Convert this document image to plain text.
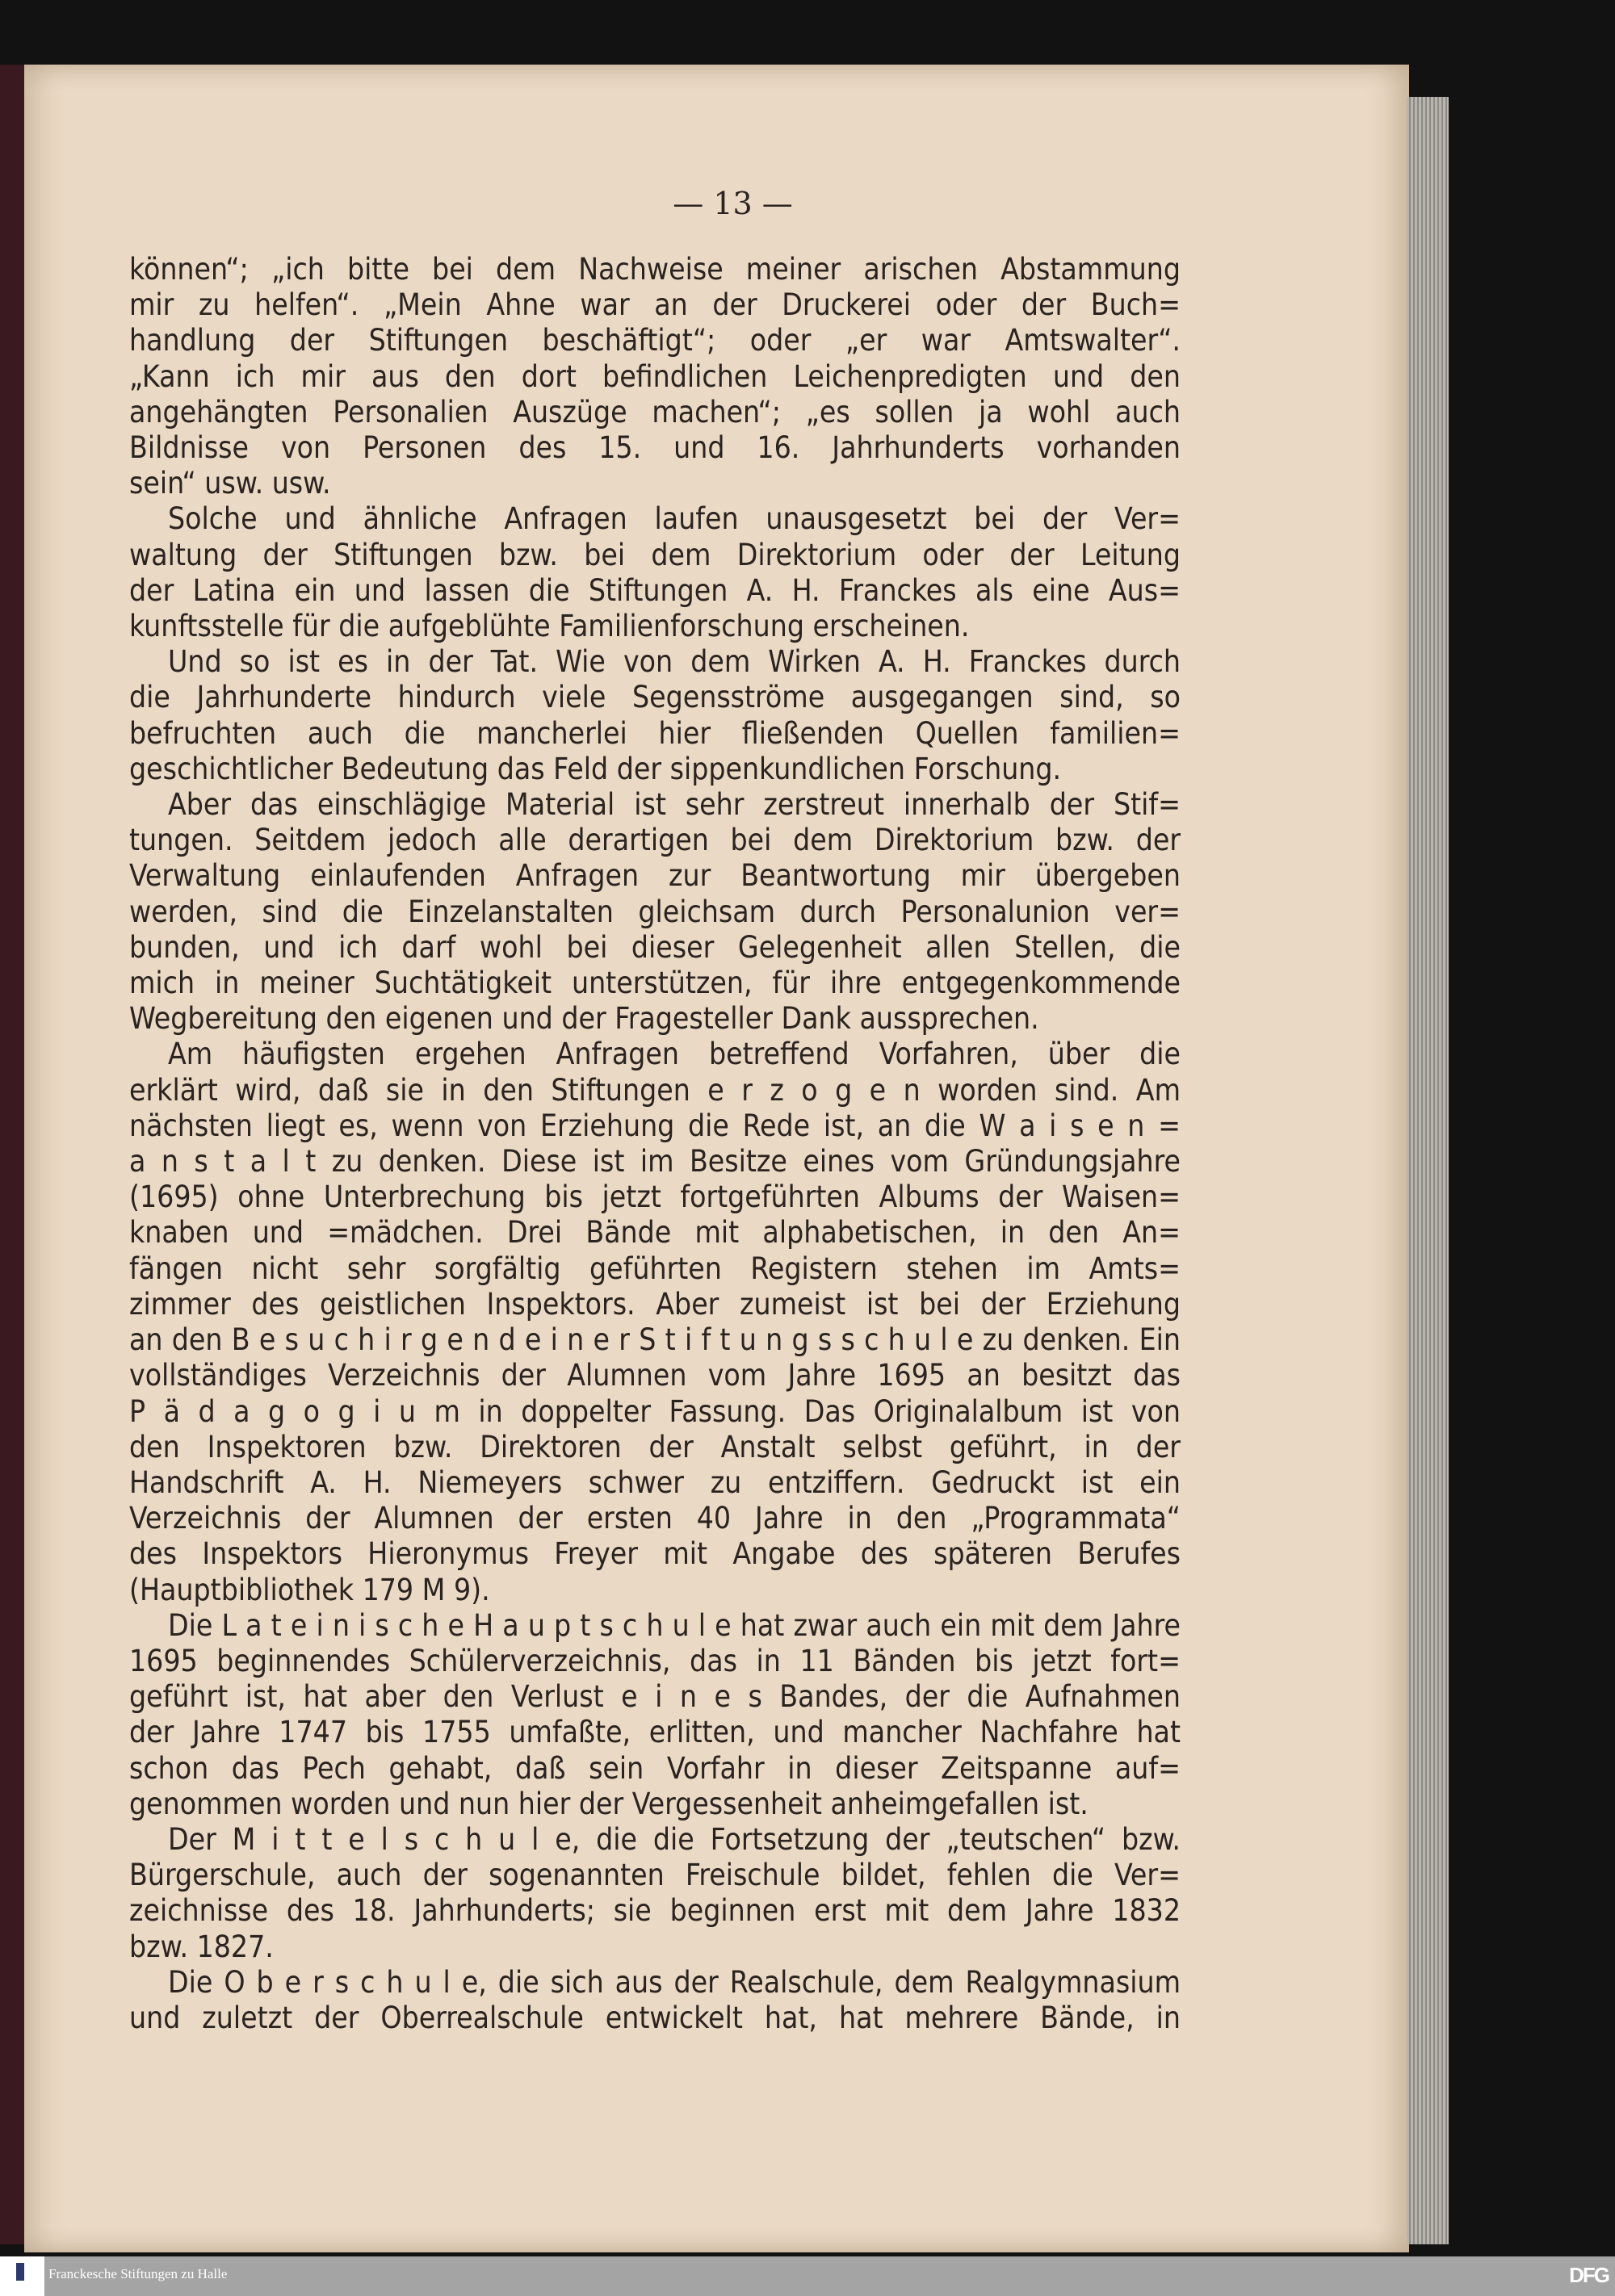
— 13 —
können“; „ich bitte bei dem Nachweise meiner arischen Abstammung
mir zu helfen“. „Mein Ahne war an der Druckerei oder der Buch=
handlung der Stiftungen beschäftigt“; oder „er war Amtswalter“.
„Kann ich mir aus den dort befindlichen Leichenpredigten und den
angehängten Personalien Auszüge machen“; „es sollen ja wohl auch
Bildnisse von Personen des 15. und 16. Jahrhunderts vorhanden
sein“ usw. usw.
Solche und ähnliche Anfragen laufen unausgesetzt bei der Ver=
waltung der Stiftungen bzw. bei dem Direktorium oder der Leitung
der Latina ein und lassen die Stiftungen A. H. Franckes als eine Aus=
kunftsstelle für die aufgeblühte Familienforschung erscheinen.
Und so ist es in der Tat. Wie von dem Wirken A. H. Franckes durch
die Jahrhunderte hindurch viele Segensströme ausgegangen sind, so
befruchten auch die mancherlei hier fließenden Quellen familien=
geschichtlicher Bedeutung das Feld der sippenkundlichen Forschung.
Aber das einschlägige Material ist sehr zerstreut innerhalb der Stif=
tungen. Seitdem jedoch alle derartigen bei dem Direktorium bzw. der
Verwaltung einlaufenden Anfragen zur Beantwortung mir übergeben
werden, sind die Einzelanstalten gleichsam durch Personalunion ver=
bunden, und ich darf wohl bei dieser Gelegenheit allen Stellen, die
mich in meiner Suchtätigkeit unterstützen, für ihre entgegenkommende
Wegbereitung den eigenen und der Fragesteller Dank aussprechen.
Am häufigsten ergehen Anfragen betreffend Vorfahren, über die
erklärt wird, daß sie in den Stiftungen e r z o g e n worden sind. Am
nächsten liegt es, wenn von Erziehung die Rede ist, an die W a i s e n =
a n s t a l t zu denken. Diese ist im Besitze eines vom Gründungsjahre
(1695) ohne Unterbrechung bis jetzt fortgeführten Albums der Waisen=
knaben und =mädchen. Drei Bände mit alphabetischen, in den An=
fängen nicht sehr sorgfältig geführten Registern stehen im Amts=
zimmer des geistlichen Inspektors. Aber zumeist ist bei der Erziehung
an den B e s u c h i r g e n d e i n e r S t i f t u n g s s c h u l e zu denken. Ein
vollständiges Verzeichnis der Alumnen vom Jahre 1695 an besitzt das
P ä d a g o g i u m in doppelter Fassung. Das Originalalbum ist von
den Inspektoren bzw. Direktoren der Anstalt selbst geführt, in der
Handschrift A. H. Niemeyers schwer zu entziffern. Gedruckt ist ein
Verzeichnis der Alumnen der ersten 40 Jahre in den „Programmata“
des Inspektors Hieronymus Freyer mit Angabe des späteren Berufes
(Hauptbibliothek 179 M 9).
Die L a t e i n i s c h e H a u p t s c h u l e hat zwar auch ein mit dem Jahre
1695 beginnendes Schülerverzeichnis, das in 11 Bänden bis jetzt fort=
geführt ist, hat aber den Verlust e i n e s Bandes, der die Aufnahmen
der Jahre 1747 bis 1755 umfaßte, erlitten, und mancher Nachfahre hat
schon das Pech gehabt, daß sein Vorfahr in dieser Zeitspanne auf=
genommen worden und nun hier der Vergessenheit anheimgefallen ist.
Der M i t t e l s c h u l e, die die Fortsetzung der „teutschen“ bzw.
Bürgerschule, auch der sogenannten Freischule bildet, fehlen die Ver=
zeichnisse des 18. Jahrhunderts; sie beginnen erst mit dem Jahre 1832
bzw. 1827.
Die O b e r s c h u l e, die sich aus der Realschule, dem Realgymnasium
und zuletzt der Oberrealschule entwickelt hat, hat mehrere Bände, in
Franckesche Stiftungen zu Halle	DFG
